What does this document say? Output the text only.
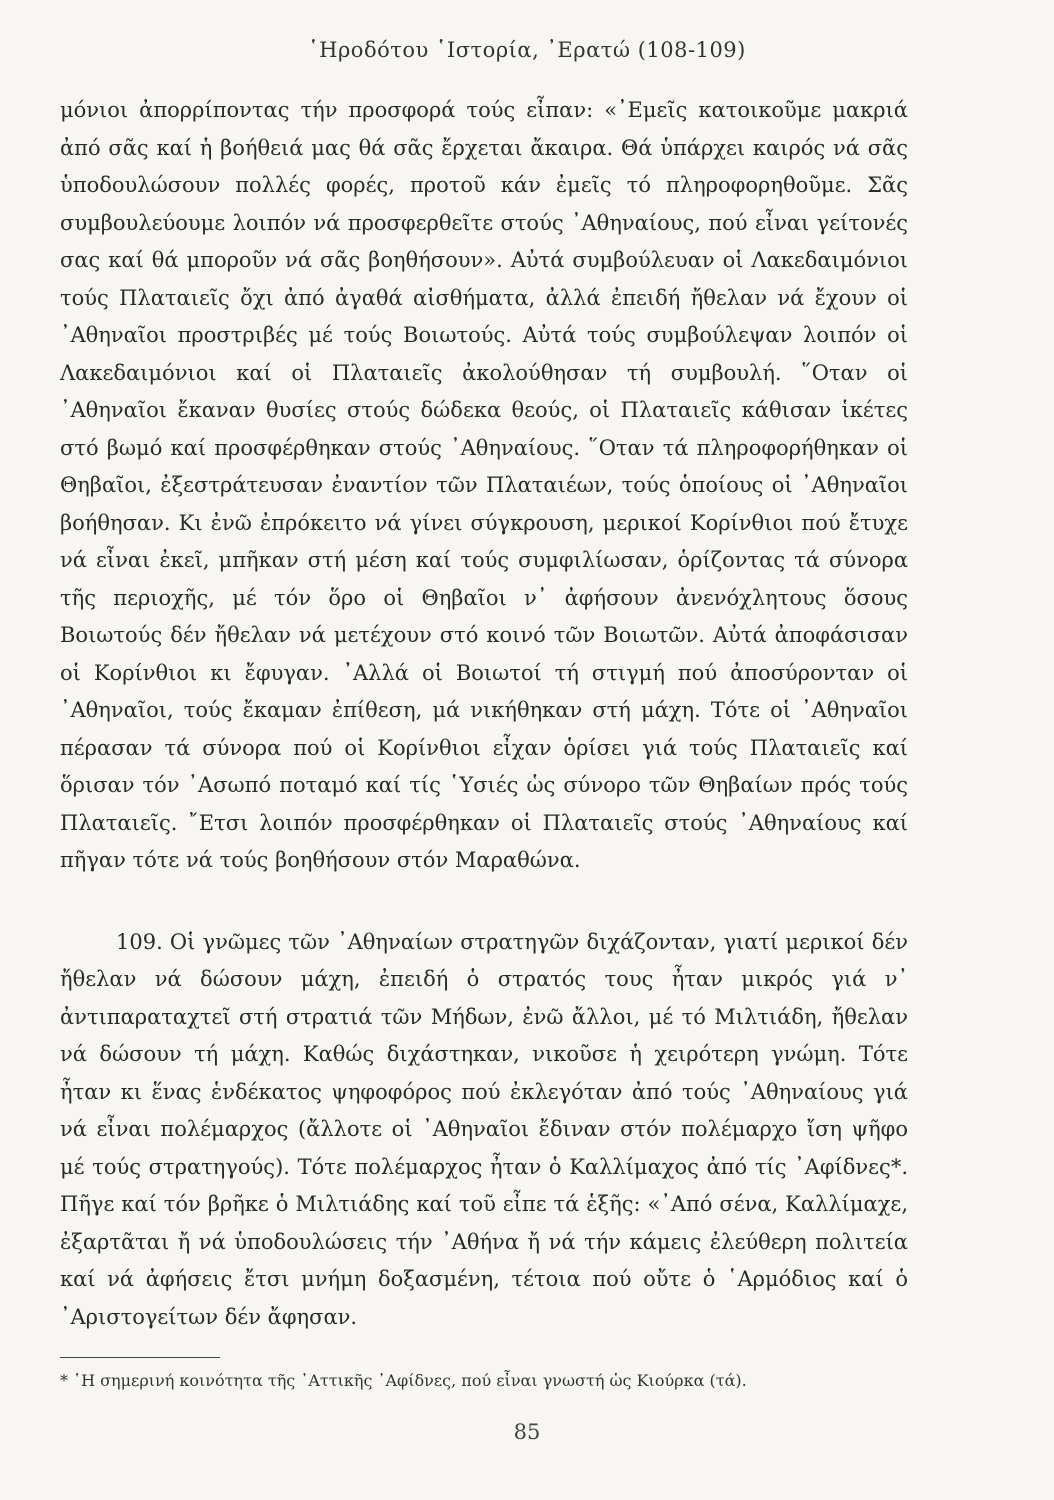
῾Ηροδότου ῾Ιστορία, ᾿Ερατώ (108-109)

μόνιοι ἀπορρίποντας τήν προσφορά τούς εἶπαν: «᾿Εμεῖς κατοικοῦμε μακριά ἀπό σᾶς καί ἡ βοήθειά μας θά σᾶς ἔρχεται ἄκαιρα. Θά ὑπάρχει καιρός νά σᾶς ὑποδουλώσουν πολλές φορές, προτοῦ κάν ἐμεῖς τό πληροφορηθοῦμε. Σᾶς συμβουλεύουμε λοιπόν νά προσφερθεῖτε στούς ᾿Αθηναίους, πού εἶναι γείτονές σας καί θά μποροῦν νά σᾶς βοηθήσουν». Αὐτά συμβούλευαν οἱ Λακεδαιμόνιοι τούς Πλαταιεῖς ὄχι ἀπό ἀγαθά αἰσθήματα, ἀλλά ἐπειδή ἤθελαν νά ἔχουν οἱ ᾿Αθηναῖοι προστριβές μέ τούς Βοιωτούς. Αὐτά τούς συμβούλεψαν λοιπόν οἱ Λακεδαιμόνιοι καί οἱ Πλαταιεῖς ἀκολούθησαν τή συμβουλή. ῞Οταν οἱ ᾿Αθηναῖοι ἔκαναν θυσίες στούς δώδεκα θεούς, οἱ Πλαταιεῖς κάθισαν ἱκέτες στό βωμό καί προσφέρθηκαν στούς ᾿Αθηναίους. ῞Οταν τά πληροφορήθηκαν οἱ Θηβαῖοι, ἐξεστράτευσαν ἐναντίον τῶν Πλαταιέων, τούς ὁποίους οἱ ᾿Αθηναῖοι βοήθησαν. Κι ἐνῶ ἐπρόκειτο νά γίνει σύγκρουση, μερικοί Κορίνθιοι πού ἔτυχε νά εἶναι ἐκεῖ, μπῆκαν στή μέση καί τούς συμφιλίωσαν, ὁρίζοντας τά σύνορα τῆς περιοχῆς, μέ τόν ὅρο οἱ Θηβαῖοι ν᾿ ἀφήσουν ἀνενόχλητους ὅσους Βοιωτούς δέν ἤθελαν νά μετέχουν στό κοινό τῶν Βοιωτῶν. Αὐτά ἀποφάσισαν οἱ Κορίνθιοι κι ἔφυγαν. ᾿Αλλά οἱ Βοιωτοί τή στιγμή πού ἀποσύρονταν οἱ ᾿Αθηναῖοι, τούς ἔκαμαν ἐπίθεση, μά νικήθηκαν στή μάχη. Τότε οἱ ᾿Αθηναῖοι πέρασαν τά σύνορα πού οἱ Κορίνθιοι εἶχαν ὁρίσει γιά τούς Πλαταιεῖς καί ὅρισαν τόν ᾿Ασωπό ποταμό καί τίς ῾Υσιές ὡς σύνορο τῶν Θηβαίων πρός τούς Πλαταιεῖς. ῎Ετσι λοιπόν προσφέρθηκαν οἱ Πλαταιεῖς στούς ᾿Αθηναίους καί πῆγαν τότε νά τούς βοηθήσουν στόν Μαραθώνα.

109. Οἱ γνῶμες τῶν ᾿Αθηναίων στρατηγῶν διχάζονταν, γιατί μερικοί δέν ἤθελαν νά δώσουν μάχη, ἐπειδή ὁ στρατός τους ἦταν μικρός γιά ν᾿ ἀντιπαραταχτεῖ στή στρατιά τῶν Μήδων, ἐνῶ ἄλλοι, μέ τό Μιλτιάδη, ἤθελαν νά δώσουν τή μάχη. Καθώς διχάστηκαν, νικοῦσε ἡ χειρότερη γνώμη. Τότε ἦταν κι ἕνας ἑνδέκατος ψηφοφόρος πού ἐκλεγόταν ἀπό τούς ᾿Αθηναίους γιά νά εἶναι πολέμαρχος (ἄλλοτε οἱ ᾿Αθηναῖοι ἔδιναν στόν πολέμαρχο ἴση ψῆφο μέ τούς στρατηγούς). Τότε πολέμαρχος ἦταν ὁ Καλλίμαχος ἀπό τίς ᾿Αφίδνες*. Πῆγε καί τόν βρῆκε ὁ Μιλτιάδης καί τοῦ εἶπε τά ἑξῆς: «᾿Από σένα, Καλλίμαχε, ἐξαρτᾶται ἤ νά ὑποδουλώσεις τήν ᾿Αθήνα ἤ νά τήν κάμεις ἐλεύθερη πολιτεία καί νά ἀφήσεις ἔτσι μνήμη δοξασμένη, τέτοια πού οὔτε ὁ ῾Αρμόδιος καί ὁ ᾿Αριστογείτων δέν ἄφησαν.

* ῾Η σημερινή κοινότητα τῆς ᾿Αττικῆς ᾿Αφίδνες, πού εἶναι γνωστή ὡς Κιούρκα (τά).
85
